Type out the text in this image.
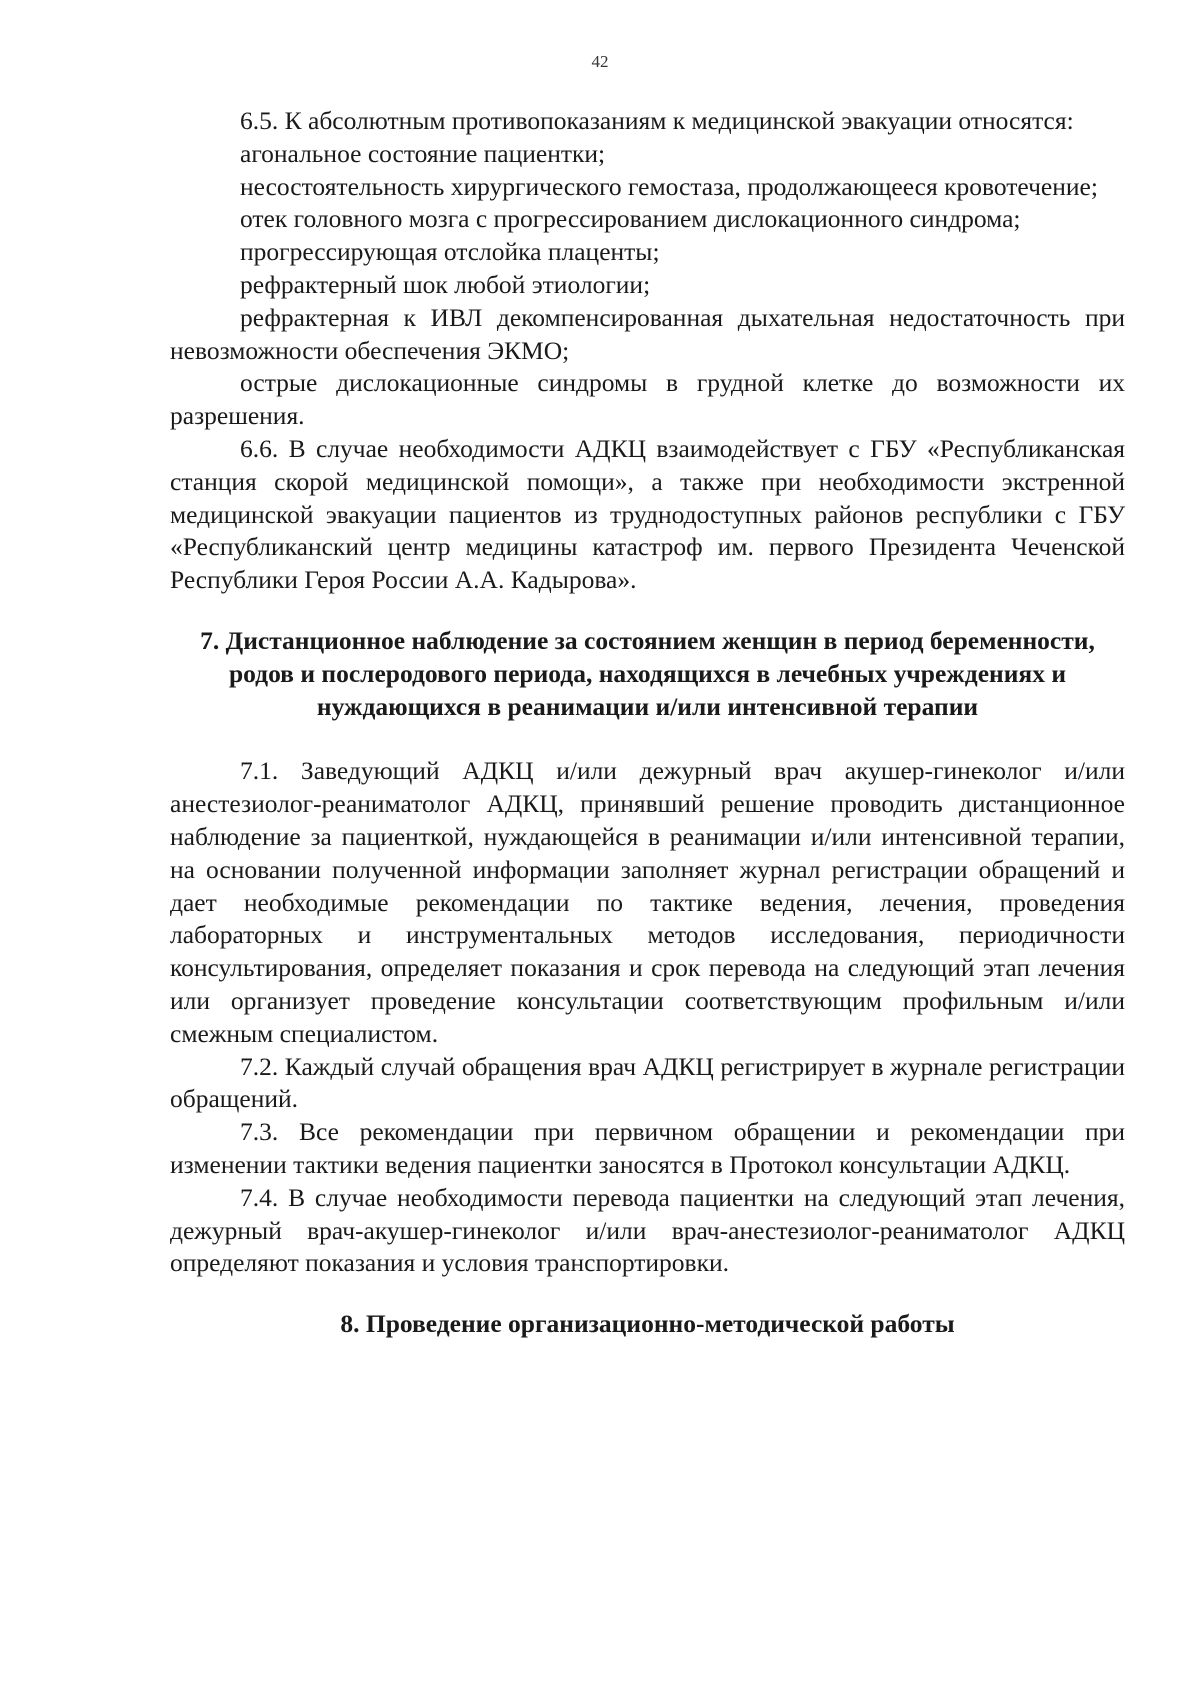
42

6.5. К абсолютным противопоказаниям к медицинской эвакуации относятся:

агональное состояние пациентки;

несостоятельность хирургического гемостаза, продолжающееся кровотечение;

отек головного мозга с прогрессированием дислокационного синдрома;

прогрессирующая отслойка плаценты;

рефрактерный шок любой этиологии;

рефрактерная к ИВЛ декомпенсированная дыхательная недостаточность при невозможности обеспечения ЭКМО;

острые дислокационные синдромы в грудной клетке до возможности их разрешения.

6.6. В случае необходимости АДКЦ взаимодействует с ГБУ «Республиканская станция скорой медицинской помощи», а также при необходимости экстренной медицинской эвакуации пациентов из труднодоступных районов республики с ГБУ «Республиканский центр медицины катастроф им. первого Президента Чеченской Республики Героя России А.А. Кадырова».

7. Дистанционное наблюдение за состоянием женщин в период беременности, родов и послеродового периода, находящихся в лечебных учреждениях и нуждающихся в реанимации и/или интенсивной терапии

7.1. Заведующий АДКЦ и/или дежурный врач акушер-гинеколог и/или анестезиолог-реаниматолог АДКЦ, принявший решение проводить дистанционное наблюдение за пациенткой, нуждающейся в реанимации и/или интенсивной терапии, на основании полученной информации заполняет журнал регистрации обращений и дает необходимые рекомендации по тактике ведения, лечения, проведения лабораторных и инструментальных методов исследования, периодичности консультирования, определяет показания и срок перевода на следующий этап лечения или организует проведение консультации соответствующим профильным и/или смежным специалистом.

7.2. Каждый случай обращения врач АДКЦ регистрирует в журнале регистрации обращений.

7.3. Все рекомендации при первичном обращении и рекомендации при изменении тактики ведения пациентки заносятся в Протокол консультации АДКЦ.

7.4. В случае необходимости перевода пациентки на следующий этап лечения, дежурный врач-акушер-гинеколог и/или врач-анестезиолог-реаниматолог АДКЦ определяют показания и условия транспортировки.

8. Проведение организационно-методической работы
